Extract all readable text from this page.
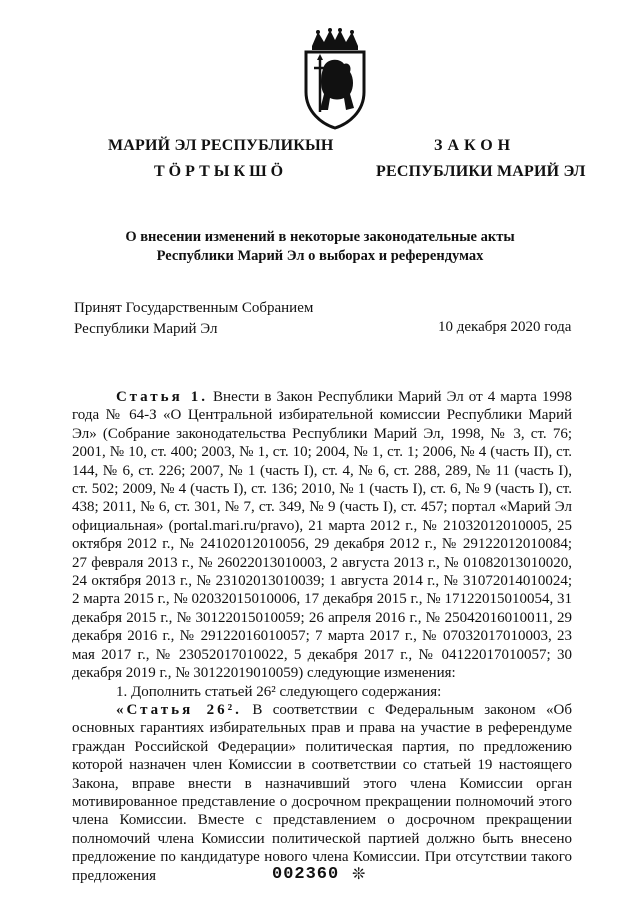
МАРИЙ ЭЛ РЕСПУБЛИКЫН
ТӦРТЫКШӦ
ЗАКОН
РЕСПУБЛИКИ МАРИЙ ЭЛ
О внесении изменений в некоторые законодательные акты
Республики Марий Эл о выборах и референдумах
Принят Государственным Собранием
Республики Марий Эл	10 декабря 2020 года

Статья 1. Внести в Закон Республики Марий Эл от 4 марта 1998 года № 64-З «О Центральной избирательной комиссии Республики Марий Эл» (Собрание законодательства Республики Марий Эл, 1998, № 3, ст. 76; 2001, № 10, ст. 400; 2003, № 1, ст. 10; 2004, № 1, ст. 1; 2006, № 4 (часть II), ст. 144, № 6, ст. 226; 2007, № 1 (часть I), ст. 4, № 6, ст. 288, 289, № 11 (часть I), ст. 502; 2009, № 4 (часть I), ст. 136; 2010, № 1 (часть I), ст. 6, № 9 (часть I), ст. 438; 2011, № 6, ст. 301, № 7, ст. 349, № 9 (часть I), ст. 457; портал «Марий Эл официальная» (portal.mari.ru/pravo), 21 марта 2012 г., № 21032012010005, 25 октября 2012 г., № 24102012010056, 29 декабря 2012 г., № 29122012010084; 27 февраля 2013 г., № 26022013010003, 2 августа 2013 г., № 01082013010020, 24 октября 2013 г., № 23102013010039; 1 августа 2014 г., № 31072014010024; 2 марта 2015 г., № 02032015010006, 17 декабря 2015 г., № 17122015010054, 31 декабря 2015 г., № 30122015010059; 26 апреля 2016 г., № 25042016010011, 29 декабря 2016 г., № 29122016010057; 7 марта 2017 г., № 07032017010003, 23 мая 2017 г., № 23052017010022, 5 декабря 2017 г., № 04122017010057; 30 декабря 2019 г., № 30122019010059) следующие изменения:

1. Дополнить статьей 26² следующего содержания:

«Статья 26². В соответствии с Федеральным законом «Об основных гарантиях избирательных прав и права на участие в референдуме граждан Российской Федерации» политическая партия, по предложению которой назначен член Комиссии в соответствии со статьей 19 настоящего Закона, вправе внести в назначивший этого члена Комиссии орган мотивированное представление о досрочном прекращении полномочий этого члена Комиссии. Вместе с представлением о досрочном прекращении полномочий члена Комиссии политической партией должно быть внесено предложение по кандидатуре нового члена Комиссии. При отсутствии такого предложения	002360 ❊
